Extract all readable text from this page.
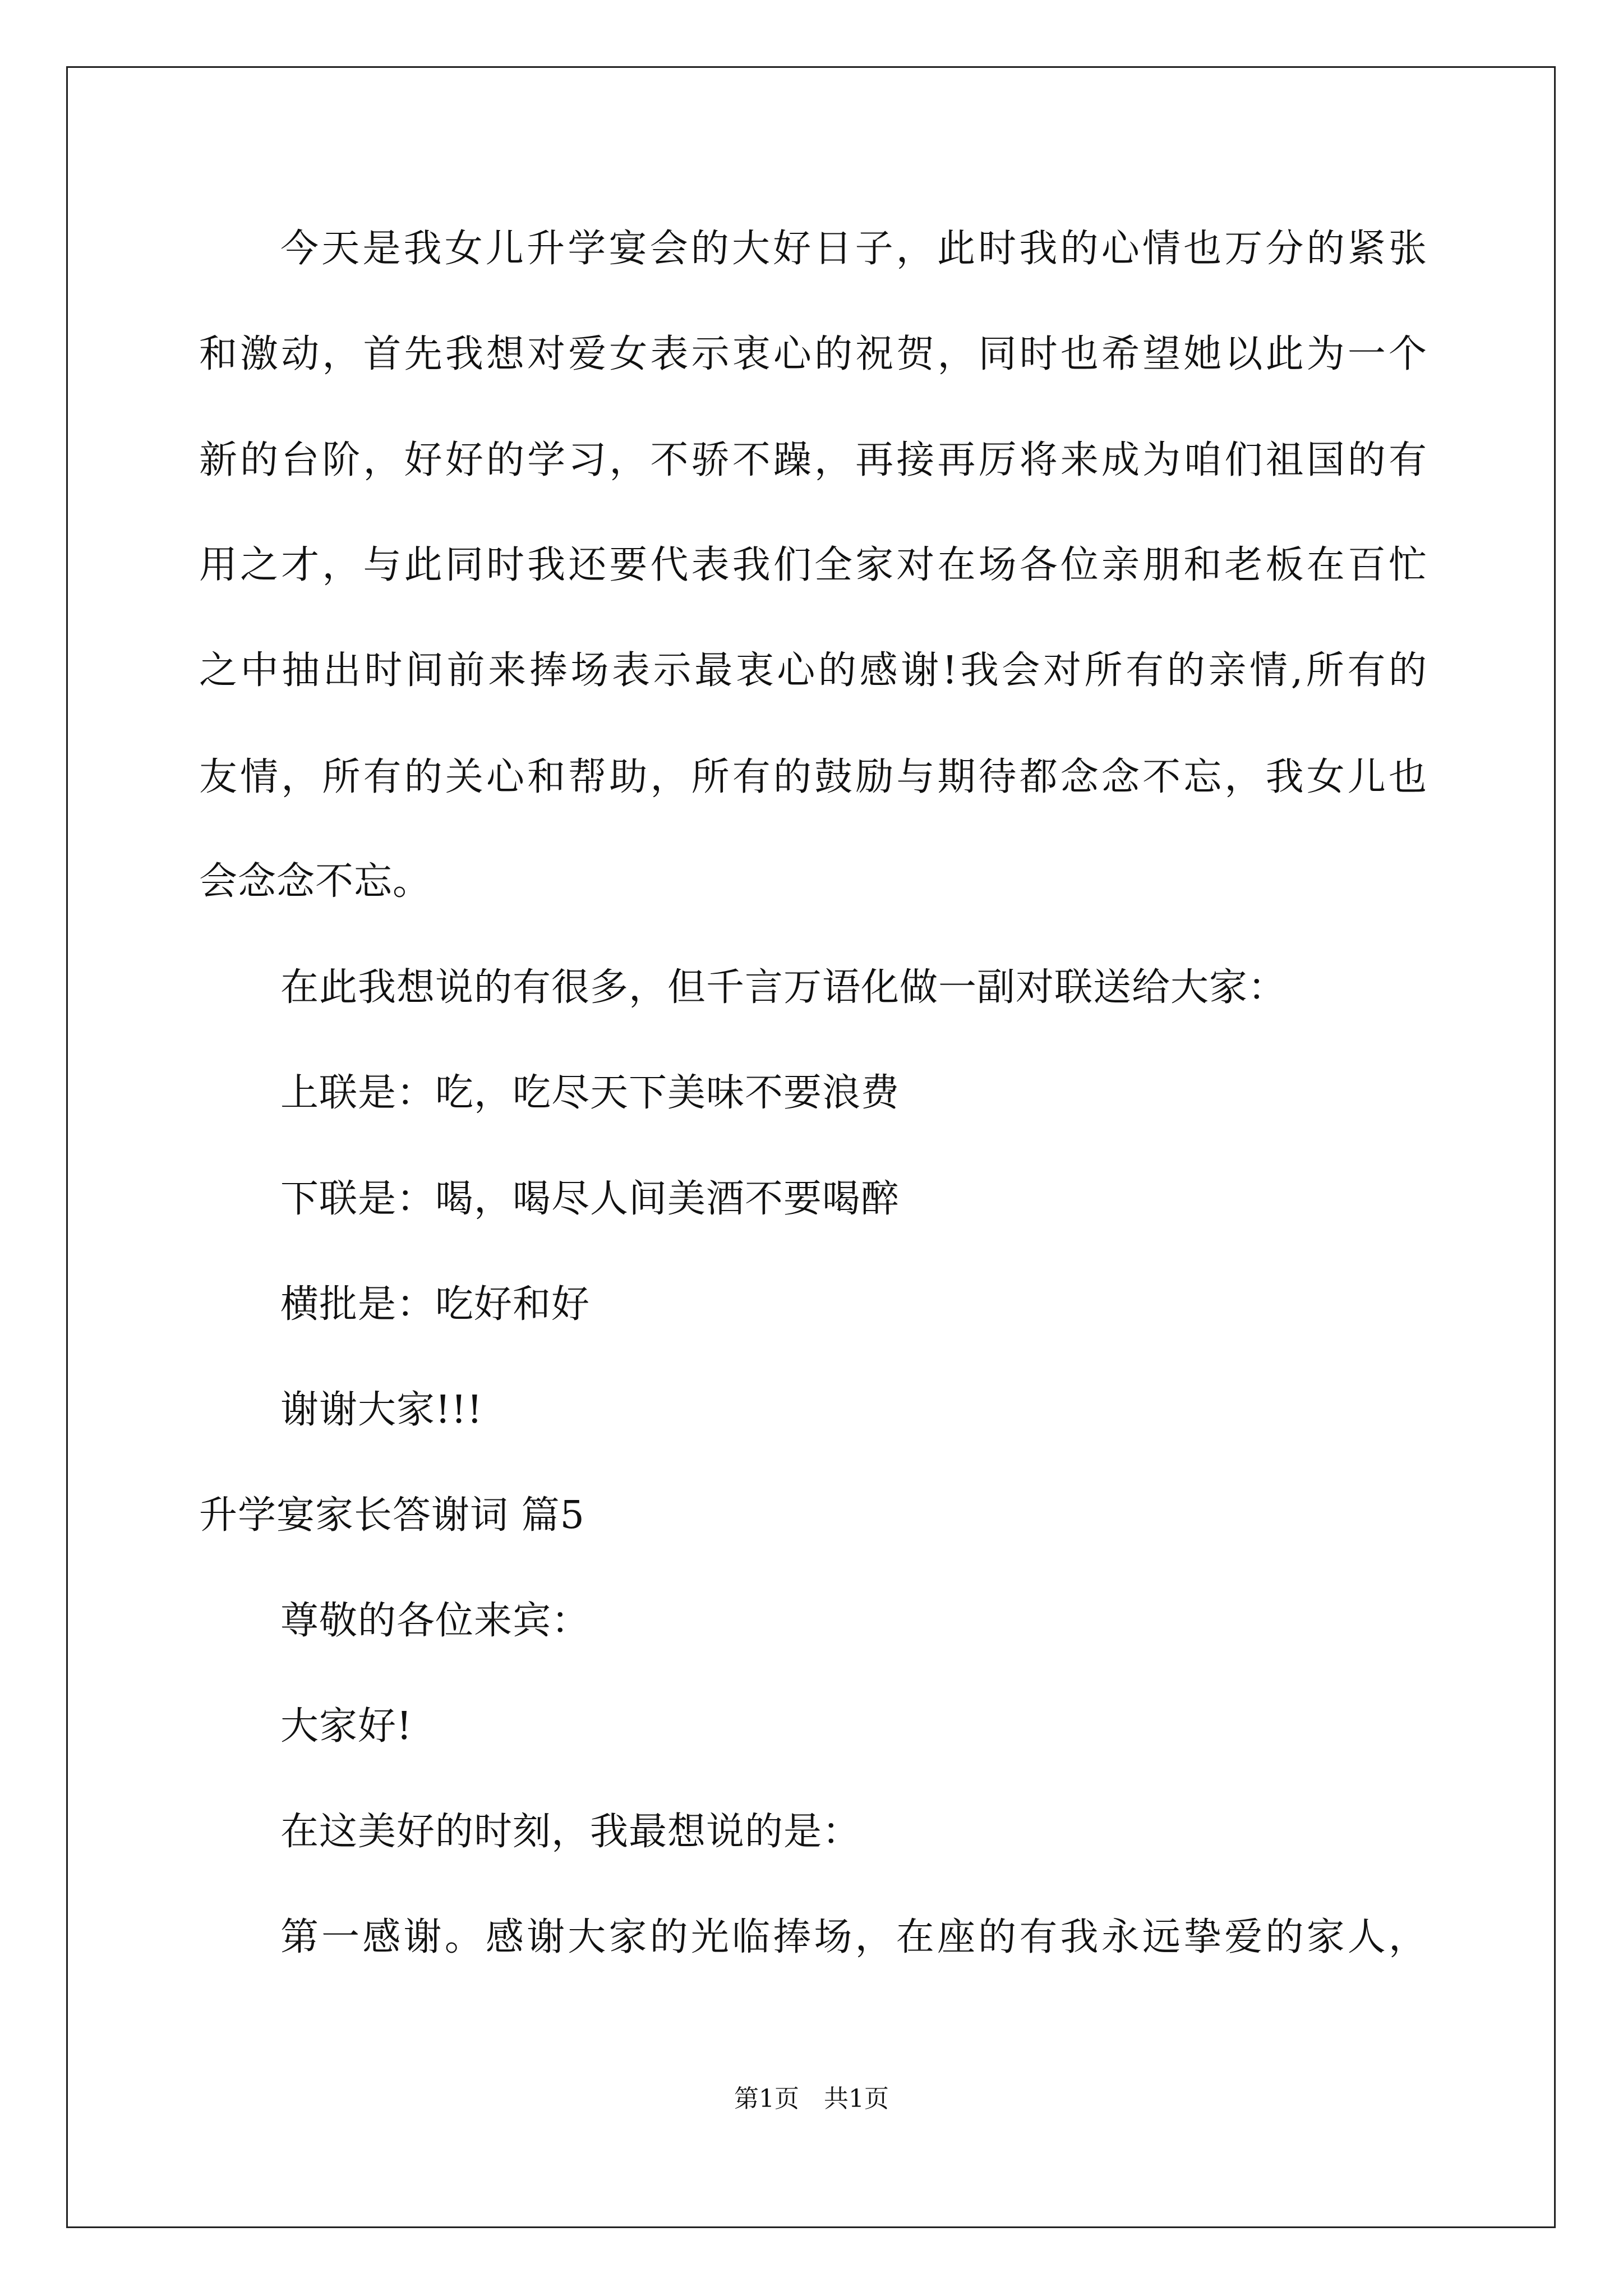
今天是我女儿升学宴会的大好日子，此时我的心情也万分的紧张
和激动，首先我想对爱女表示衷心的祝贺，同时也希望她以此为一个
新的台阶，好好的学习，不骄不躁，再接再厉将来成为咱们祖国的有
用之才，与此同时我还要代表我们全家对在场各位亲朋和老板在百忙
之中抽出时间前来捧场表示最衷心的感谢!我会对所有的亲情,所有的
友情，所有的关心和帮助，所有的鼓励与期待都念念不忘，我女儿也
会念念不忘。
在此我想说的有很多，但千言万语化做一副对联送给大家：
上联是：吃，吃尽天下美味不要浪费
下联是：喝，喝尽人间美酒不要喝醉
横批是：吃好和好
谢谢大家!!!
升学宴家长答谢词 篇5
尊敬的各位来宾：
大家好!
在这美好的时刻，我最想说的是：
第一感谢。感谢大家的光临捧场，在座的有我永远挚爱的家人，
第1页 共1页
